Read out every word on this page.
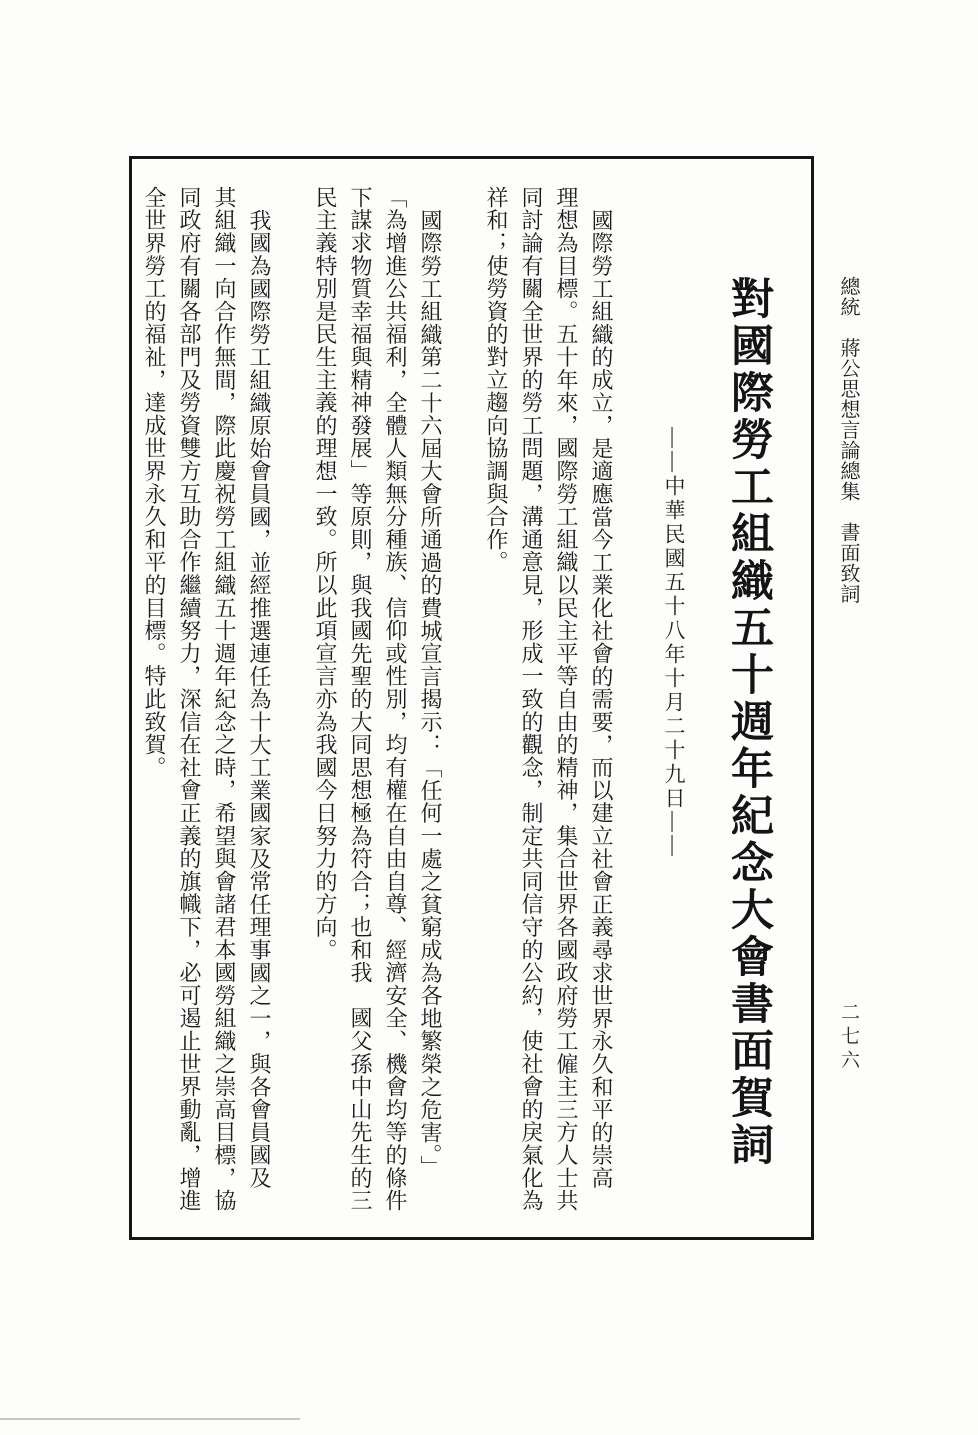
總統　蔣公思想言論總集　書面致詞
二七六
對國際勞工組織五十週年紀念大會書面賀詞
——中華民國五十八年十月二十九日——
國際勞工組織的成立，是適應當今工業化社會的需要，而以建立社會正義尋求世界永久和平的崇高
理想為目標。五十年來，國際勞工組織以民主平等自由的精神，集合世界各國政府勞工僱主三方人士共
同討論有關全世界的勞工問題，溝通意見，形成一致的觀念，制定共同信守的公約，使社會的戾氣化為
祥和；使勞資的對立趨向協調與合作。
國際勞工組織第二十六屆大會所通過的費城宣言揭示：「任何一處之貧窮成為各地繁榮之危害。」
「為增進公共福利，全體人類無分種族、信仰或性別，均有權在自由自尊、經濟安全、機會均等的條件
下謀求物質幸福與精神發展」等原則，與我國先聖的大同思想極為符合；也和我　國父孫中山先生的三
民主義特別是民生主義的理想一致。所以此項宣言亦為我國今日努力的方向。
我國為國際勞工組織原始會員國，並經推選連任為十大工業國家及常任理事國之一，與各會員國及
其組織一向合作無間，際此慶祝勞工組織五十週年紀念之時，希望與會諸君本國勞組織之崇高目標，協
同政府有關各部門及勞資雙方互助合作繼續努力，深信在社會正義的旗幟下，必可遏止世界動亂，增進
全世界勞工的福祉，達成世界永久和平的目標。特此致賀。
